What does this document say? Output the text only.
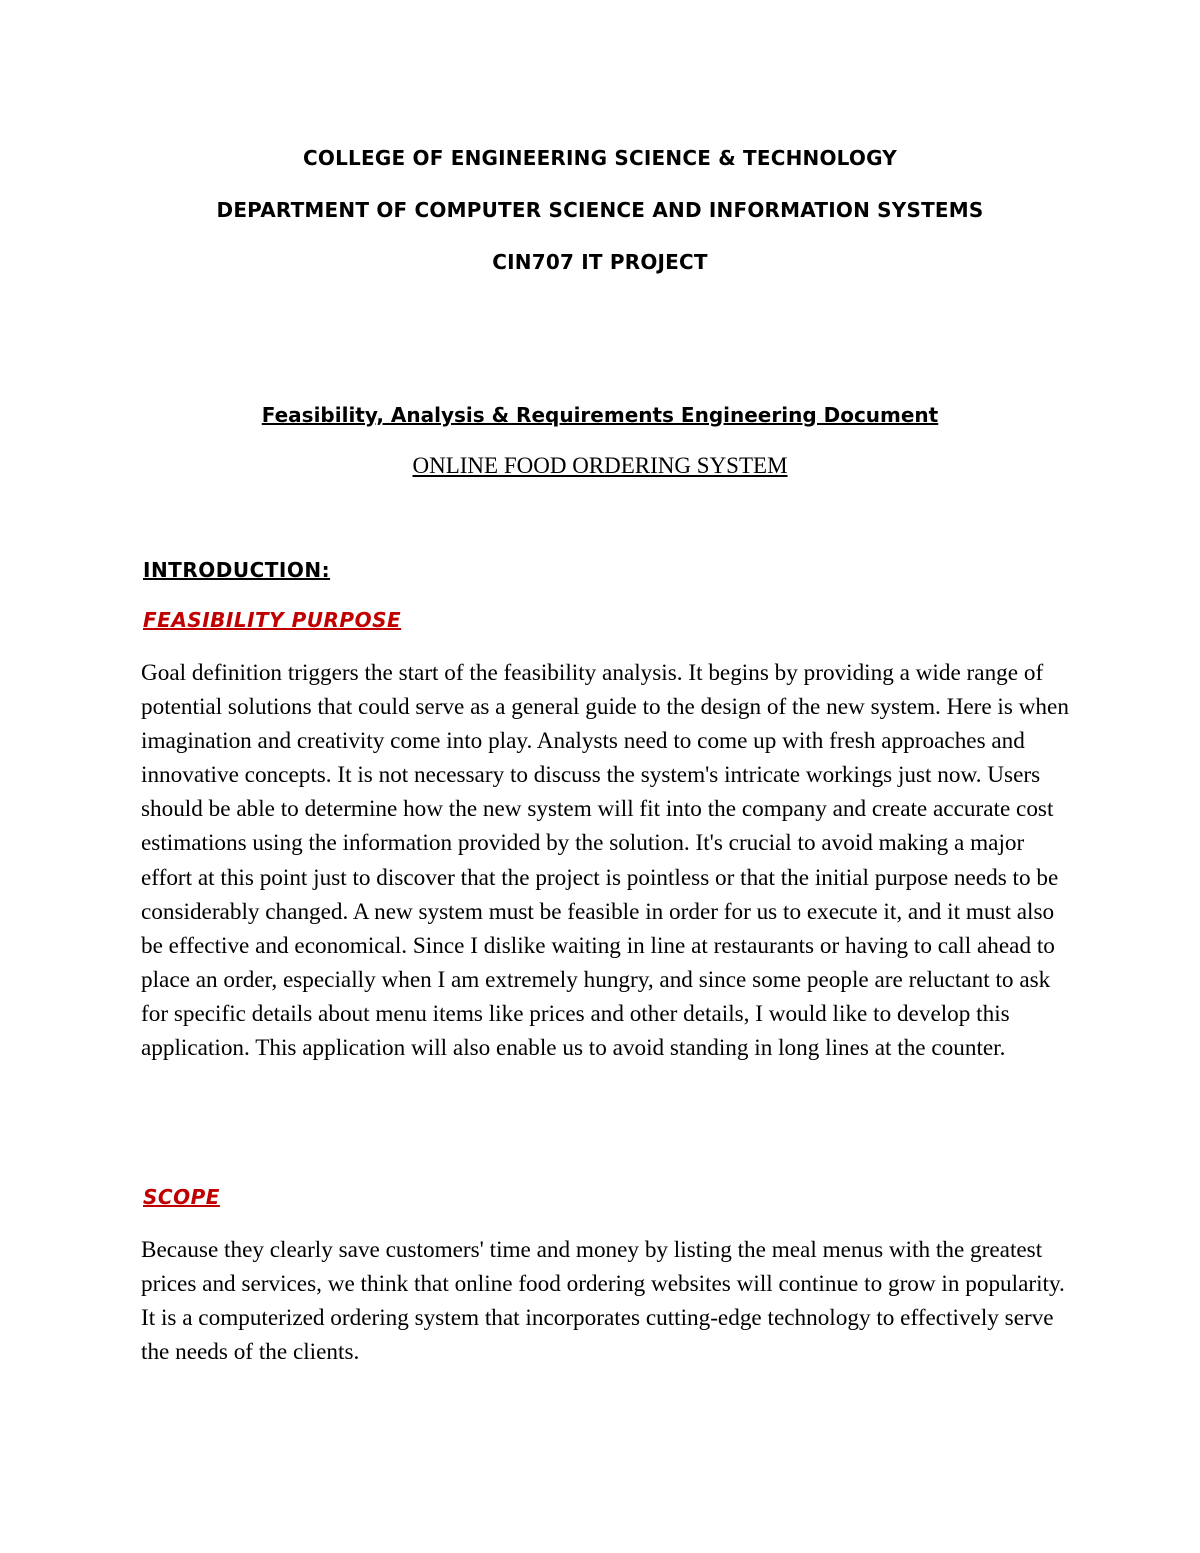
COLLEGE OF ENGINEERING SCIENCE & TECHNOLOGY
DEPARTMENT OF COMPUTER SCIENCE AND INFORMATION SYSTEMS
CIN707 IT PROJECT
Feasibility, Analysis & Requirements Engineering Document
ONLINE FOOD ORDERING SYSTEM
INTRODUCTION:
FEASIBILITY PURPOSE

Goal definition triggers the start of the feasibility analysis. It begins by providing a wide range of potential solutions that could serve as a general guide to the design of the new system. Here is when imagination and creativity come into play. Analysts need to come up with fresh approaches and innovative concepts. It is not necessary to discuss the system's intricate workings just now. Users should be able to determine how the new system will fit into the company and create accurate cost estimations using the information provided by the solution. It's crucial to avoid making a major effort at this point just to discover that the project is pointless or that the initial purpose needs to be considerably changed. A new system must be feasible in order for us to execute it, and it must also be effective and economical. Since I dislike waiting in line at restaurants or having to call ahead to place an order, especially when I am extremely hungry, and since some people are reluctant to ask for specific details about menu items like prices and other details, I would like to develop this application. This application will also enable us to avoid standing in long lines at the counter.

SCOPE

Because they clearly save customers' time and money by listing the meal menus with the greatest prices and services, we think that online food ordering websites will continue to grow in popularity. It is a computerized ordering system that incorporates cutting-edge technology to effectively serve the needs of the clients.
